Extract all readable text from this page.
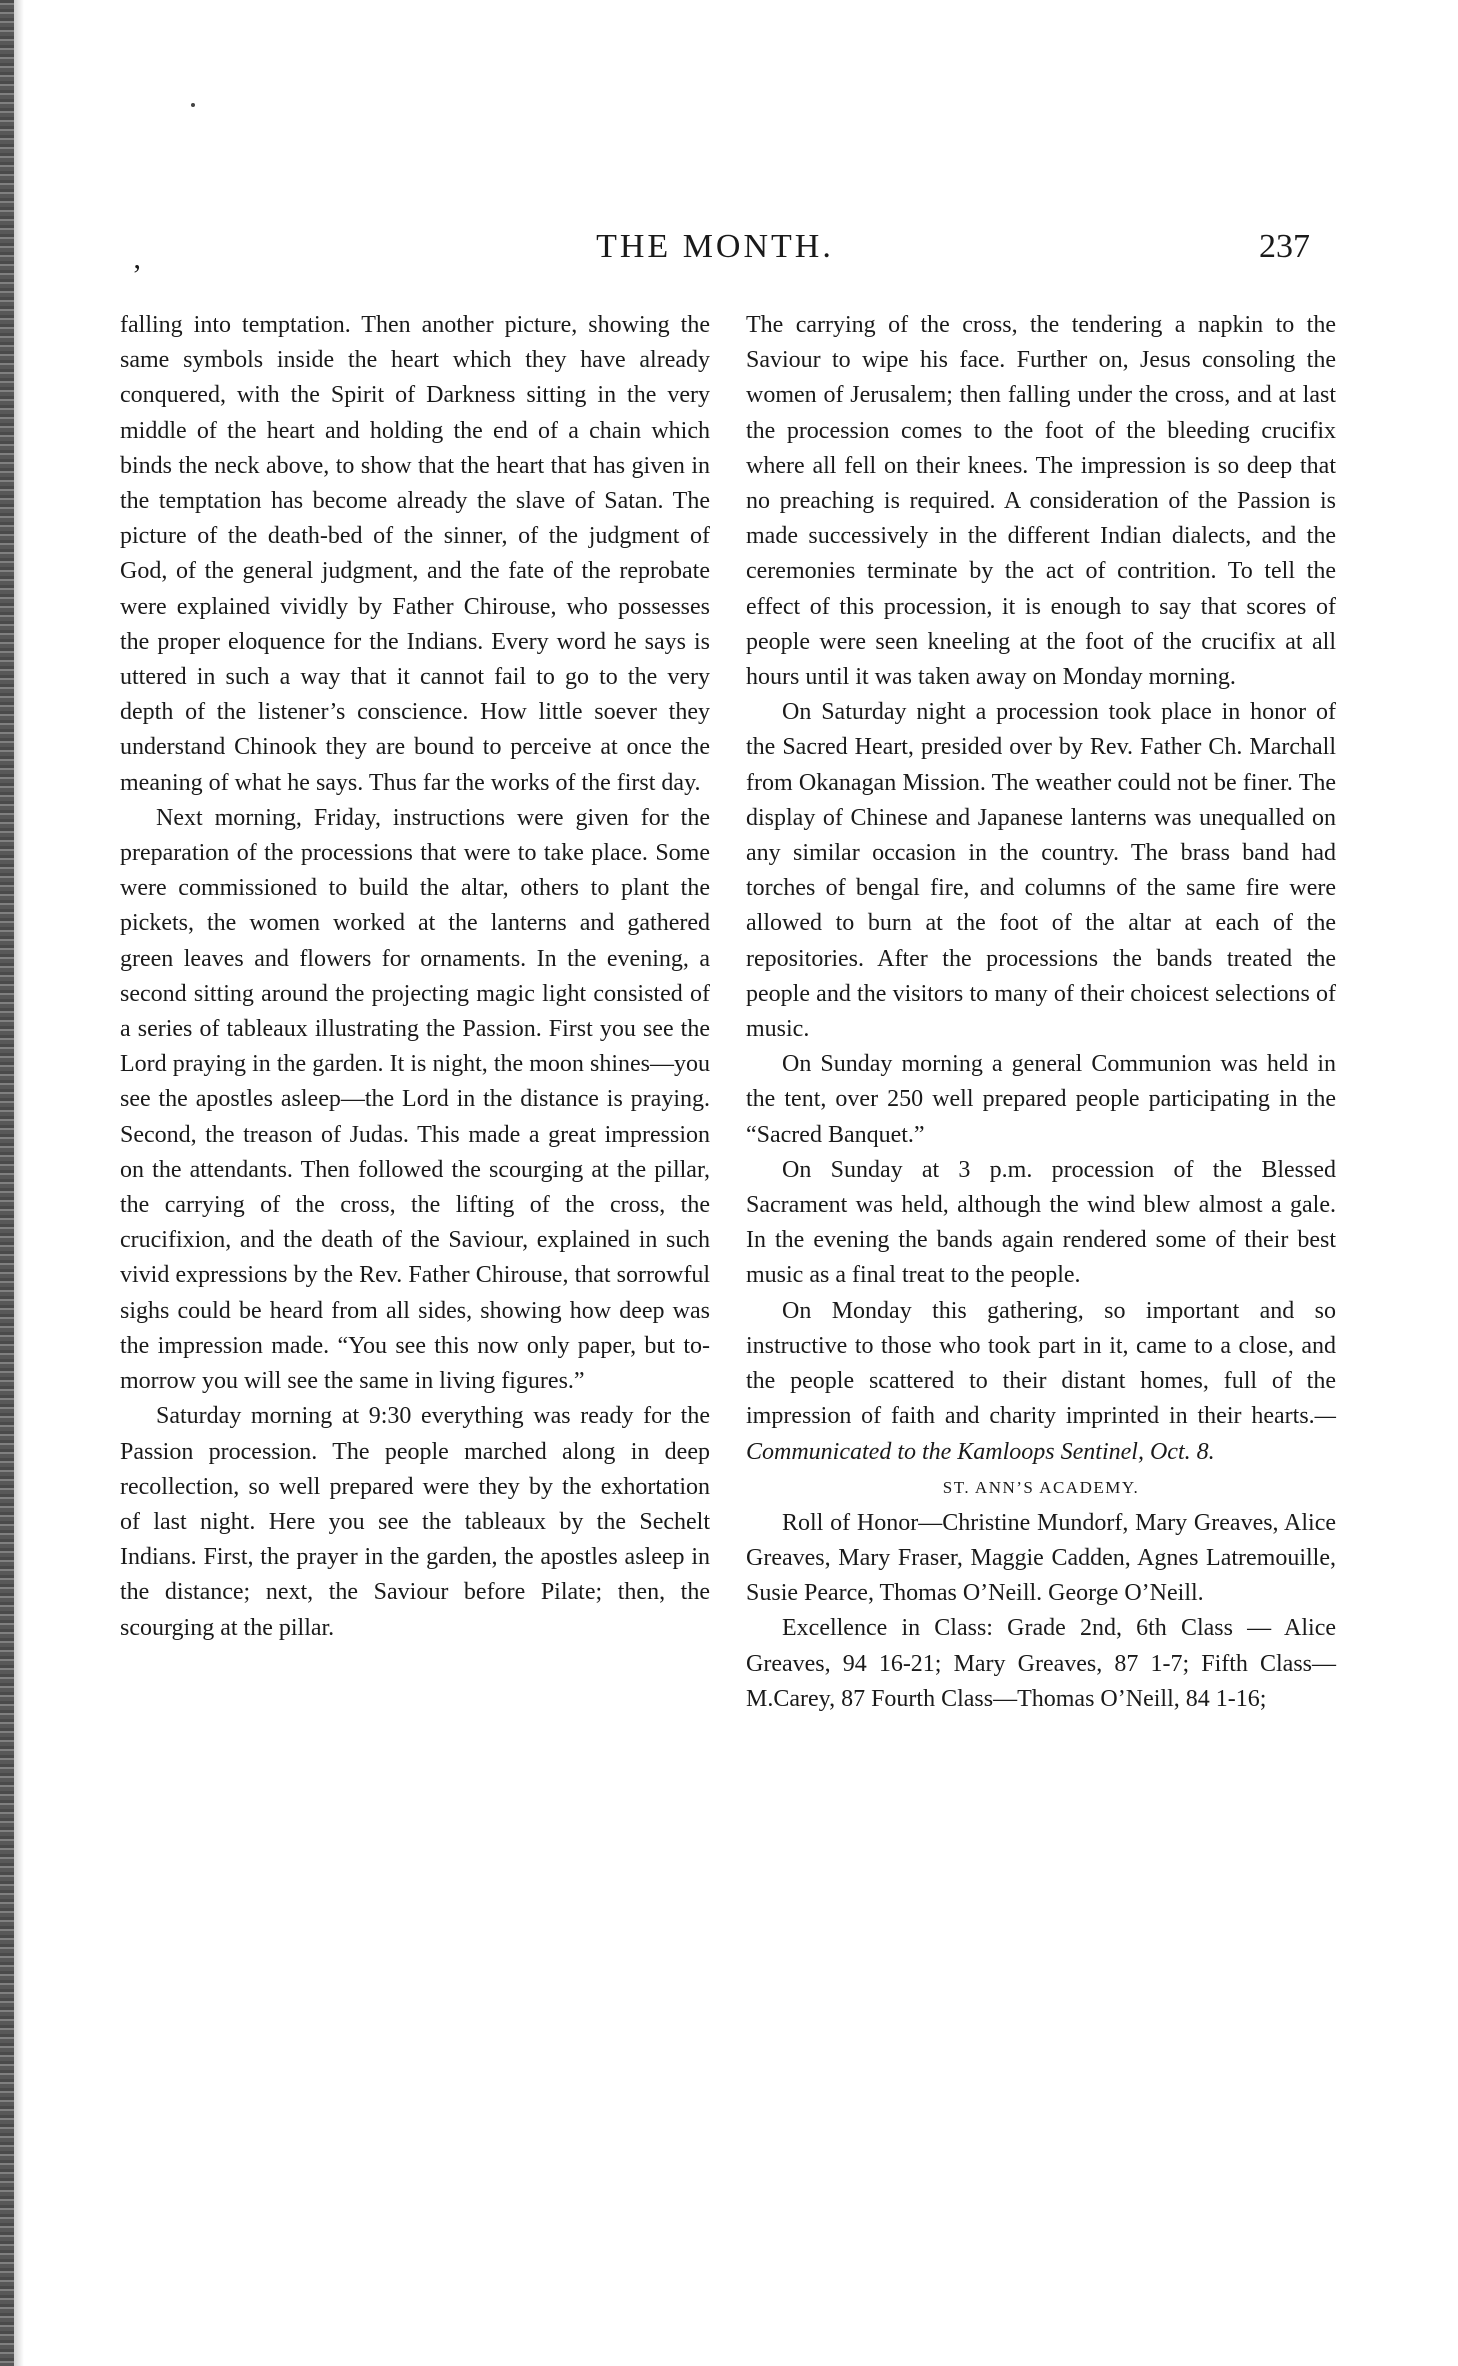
‚	THE MONTH.	237

falling into temptation. Then another picture, showing the same symbols inside the heart which they have already conquered, with the Spirit of Darkness sitting in the very middle of the heart and holding the end of a chain which binds the neck above, to show that the heart that has given in the temptation has become already the slave of Satan. The picture of the death-bed of the sinner, of the judgment of God, of the general judgment, and the fate of the reprobate were explained vividly by Father Chirouse, who possesses the proper eloquence for the Indians. Every word he says is uttered in such a way that it cannot fail to go to the very depth of the listener’s conscience. How little soever they understand Chinook they are bound to perceive at once the meaning of what he says. Thus far the works of the first day.

Next morning, Friday, instructions were given for the preparation of the processions that were to take place. Some were commissioned to build the altar, others to plant the pickets, the women worked at the lanterns and gathered green leaves and flowers for ornaments. In the evening, a second sitting around the projecting magic light consisted of a series of tableaux illustrating the Passion. First you see the Lord praying in the garden. It is night, the moon shines—you see the apostles asleep—the Lord in the distance is praying. Second, the treason of Judas. This made a great impression on the attendants. Then followed the scourging at the pillar, the carrying of the cross, the lifting of the cross, the crucifixion, and the death of the Saviour, explained in such vivid expressions by the Rev. Father Chirouse, that sorrowful sighs could be heard from all sides, showing how deep was the impression made. “You see this now only paper, but to-morrow you will see the same in living figures.”

Saturday morning at 9:30 everything was ready for the Passion procession. The people marched along in deep recollection, so well prepared were they by the exhortation of last night. Here you see the tableaux by the Sechelt Indians. First, the prayer in the garden, the apostles asleep in the distance; next, the Saviour before Pilate; then, the scourging at the pillar.

The carrying of the cross, the tendering a napkin to the Saviour to wipe his face. Further on, Jesus consoling the women of Jerusalem; then falling under the cross, and at last the procession comes to the foot of the bleeding crucifix where all fell on their knees. The impression is so deep that no preaching is required. A consideration of the Passion is made successively in the different Indian dialects, and the ceremonies terminate by the act of contrition. To tell the effect of this procession, it is enough to say that scores of people were seen kneeling at the foot of the crucifix at all hours until it was taken away on Monday morning.

On Saturday night a procession took place in honor of the Sacred Heart, presided over by Rev. Father Ch. Marchall from Okanagan Mission. The weather could not be finer. The display of Chinese and Japanese lanterns was unequalled on any similar occasion in the country. The brass band had torches of bengal fire, and columns of the same fire were allowed to burn at the foot of the altar at each of the repositories. After the processions the bands treated the people and the visitors to many of their choicest selections of music.

On Sunday morning a general Communion was held in the tent, over 250 well prepared people participating in the “Sacred Banquet.”

On Sunday at 3 p.m. procession of the Blessed Sacrament was held, although the wind blew almost a gale. In the evening the bands again rendered some of their best music as a final treat to the people.

On Monday this gathering, so important and so instructive to those who took part in it, came to a close, and the people scattered to their distant homes, full of the impression of faith and charity imprinted in their hearts.—Communicated to the Kamloops Sentinel, Oct. 8.

ST. ANN’S ACADEMY.

Roll of Honor—Christine Mundorf, Mary Greaves, Alice Greaves, Mary Fraser, Maggie Cadden, Agnes Latremouille, Susie Pearce, Thomas O’Neill. George O’Neill.

Excellence in Class: Grade 2nd, 6th Class — Alice Greaves, 94 16-21; Mary Greaves, 87 1-7; Fifth Class—M.Carey, 87 Fourth Class—Thomas O’Neill, 84 1-16;
